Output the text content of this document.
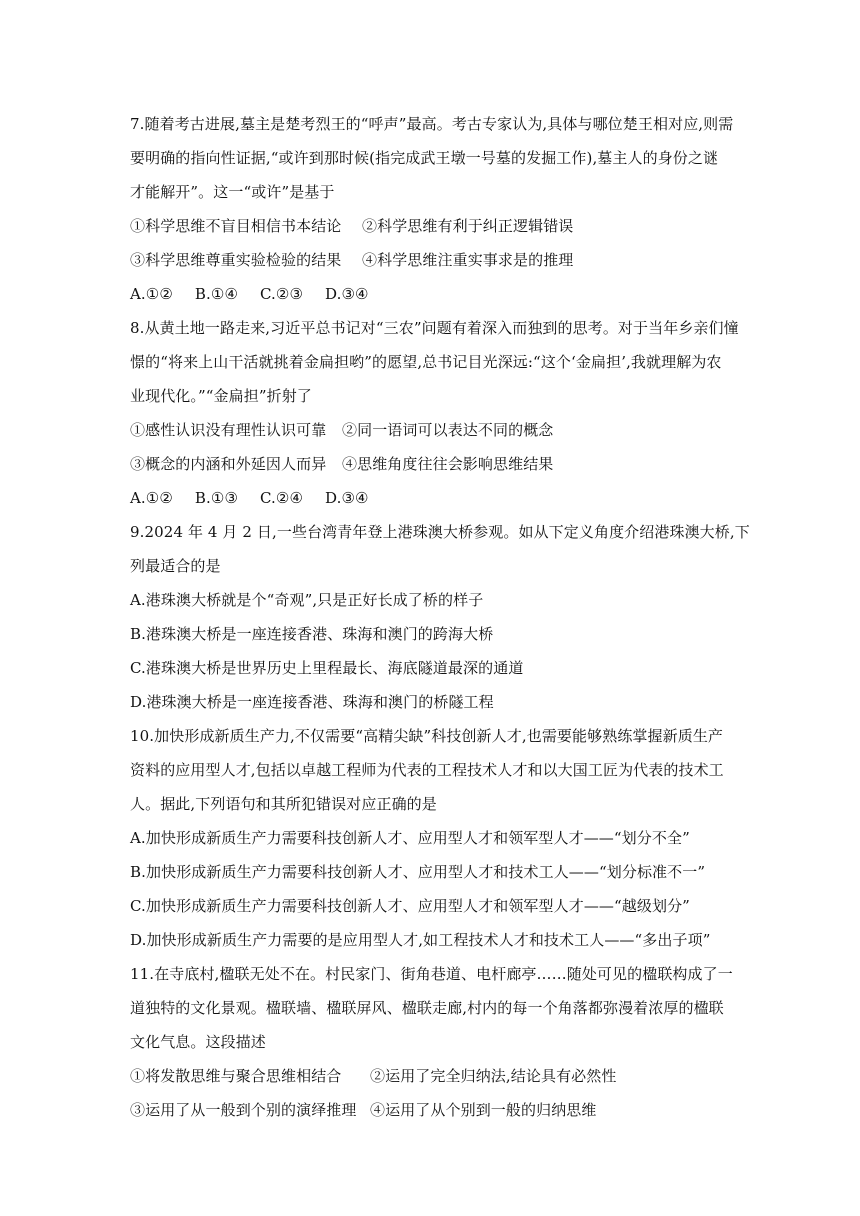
7.随着考古进展,墓主是楚考烈王的“呼声”最高。考古专家认为,具体与哪位楚王相对应,则需
要明确的指向性证据,“或许到那时候(指完成武王墩一号墓的发掘工作),墓主人的身份之谜
才能解开”。这一“或许”是基于
①科学思维不盲目相信书本结论	②科学思维有利于纠正逻辑错误
③科学思维尊重实验检验的结果	④科学思维注重实事求是的推理
A.①② B.①④ C.②③ D.③④
8.从黄土地一路走来,习近平总书记对“三农”问题有着深入而独到的思考。对于当年乡亲们憧
憬的“将来上山干活就挑着金扁担哟”的愿望,总书记目光深远:“这个‘金扁担’,我就理解为农
业现代化。”“金扁担”折射了
①感性认识没有理性认识可靠	②同一语词可以表达不同的概念
③概念的内涵和外延因人而异	④思维角度往往会影响思维结果
A.①② B.①③ C.②④ D.③④
9.2024 年 4 月 2 日,一些台湾青年登上港珠澳大桥参观。如从下定义角度介绍港珠澳大桥,下
列最适合的是
A.港珠澳大桥就是个“奇观”,只是正好长成了桥的样子
B.港珠澳大桥是一座连接香港、珠海和澳门的跨海大桥
C.港珠澳大桥是世界历史上里程最长、海底隧道最深的通道
D.港珠澳大桥是一座连接香港、珠海和澳门的桥隧工程
10.加快形成新质生产力,不仅需要“高精尖缺”科技创新人才,也需要能够熟练掌握新质生产
资料的应用型人才,包括以卓越工程师为代表的工程技术人才和以大国工匠为代表的技术工
人。据此,下列语句和其所犯错误对应正确的是
A.加快形成新质生产力需要科技创新人才、应用型人才和领军型人才——“划分不全”
B.加快形成新质生产力需要科技创新人才、应用型人才和技术工人——“划分标准不一”
C.加快形成新质生产力需要科技创新人才、应用型人才和领军型人才——“越级划分”
D.加快形成新质生产力需要的是应用型人才,如工程技术人才和技术工人——“多出子项”
11.在寺底村,楹联无处不在。村民家门、街角巷道、电杆廊亭……随处可见的楹联构成了一
道独特的文化景观。楹联墙、楹联屏风、楹联走廊,村内的每一个角落都弥漫着浓厚的楹联
文化气息。这段描述
①将发散思维与聚合思维相结合	②运用了完全归纳法,结论具有必然性
③运用了从一般到个别的演绎推理 ④运用了从个别到一般的归纳思维
